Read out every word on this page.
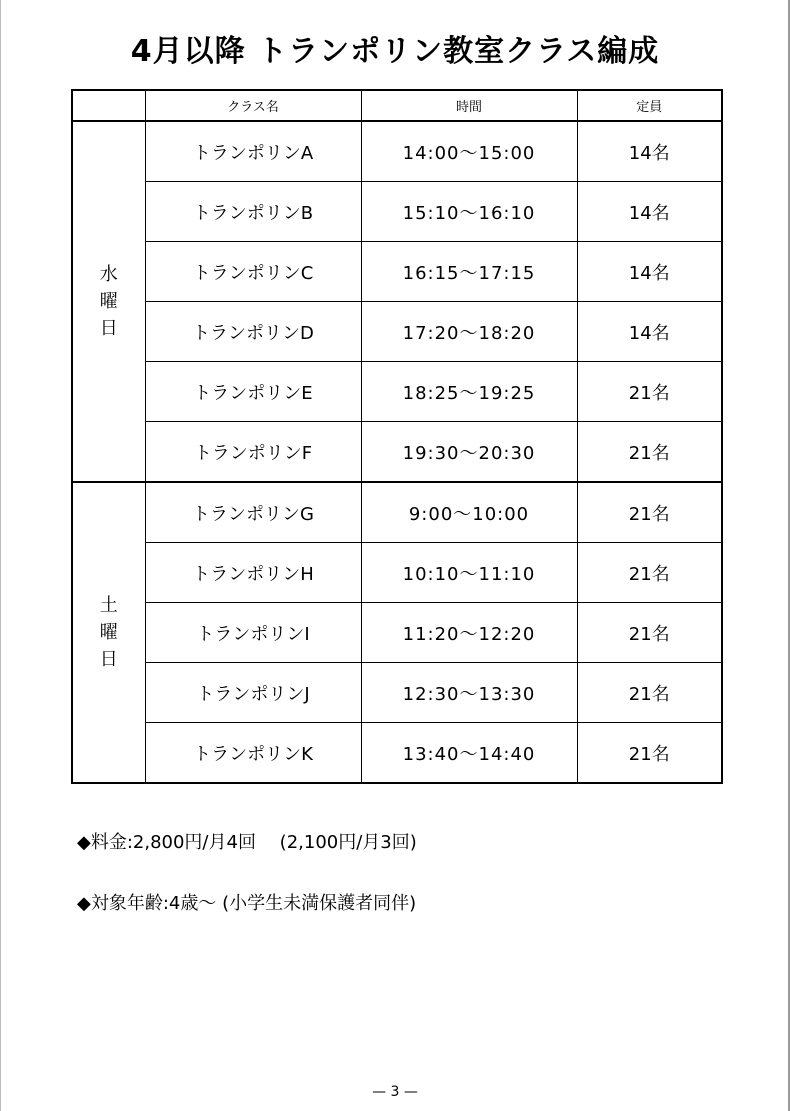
4月以降 トランポリン教室クラス編成
	クラス名	時間	定員

水
曜
日	トランポリンA	14:00〜15:00	14名
	トランポリンB	15:10〜16:10	14名
	トランポリンC	16:15〜17:15	14名
	トランポリンD	17:20〜18:20	14名
	トランポリンE	18:25〜19:25	21名
	トランポリンF	19:30〜20:30	21名

土
曜
日	トランポリンG	9:00〜10:00	21名
	トランポリンH	10:10〜11:10	21名
	トランポリンI	11:20〜12:20	21名
	トランポリンJ	12:30〜13:30	21名
	トランポリンK	13:40〜14:40	21名
◆料金:2,800円/月4回　 (2,100円/月3回)
◆対象年齢:4歳〜 (小学生未満保護者同伴)
— 3 —
